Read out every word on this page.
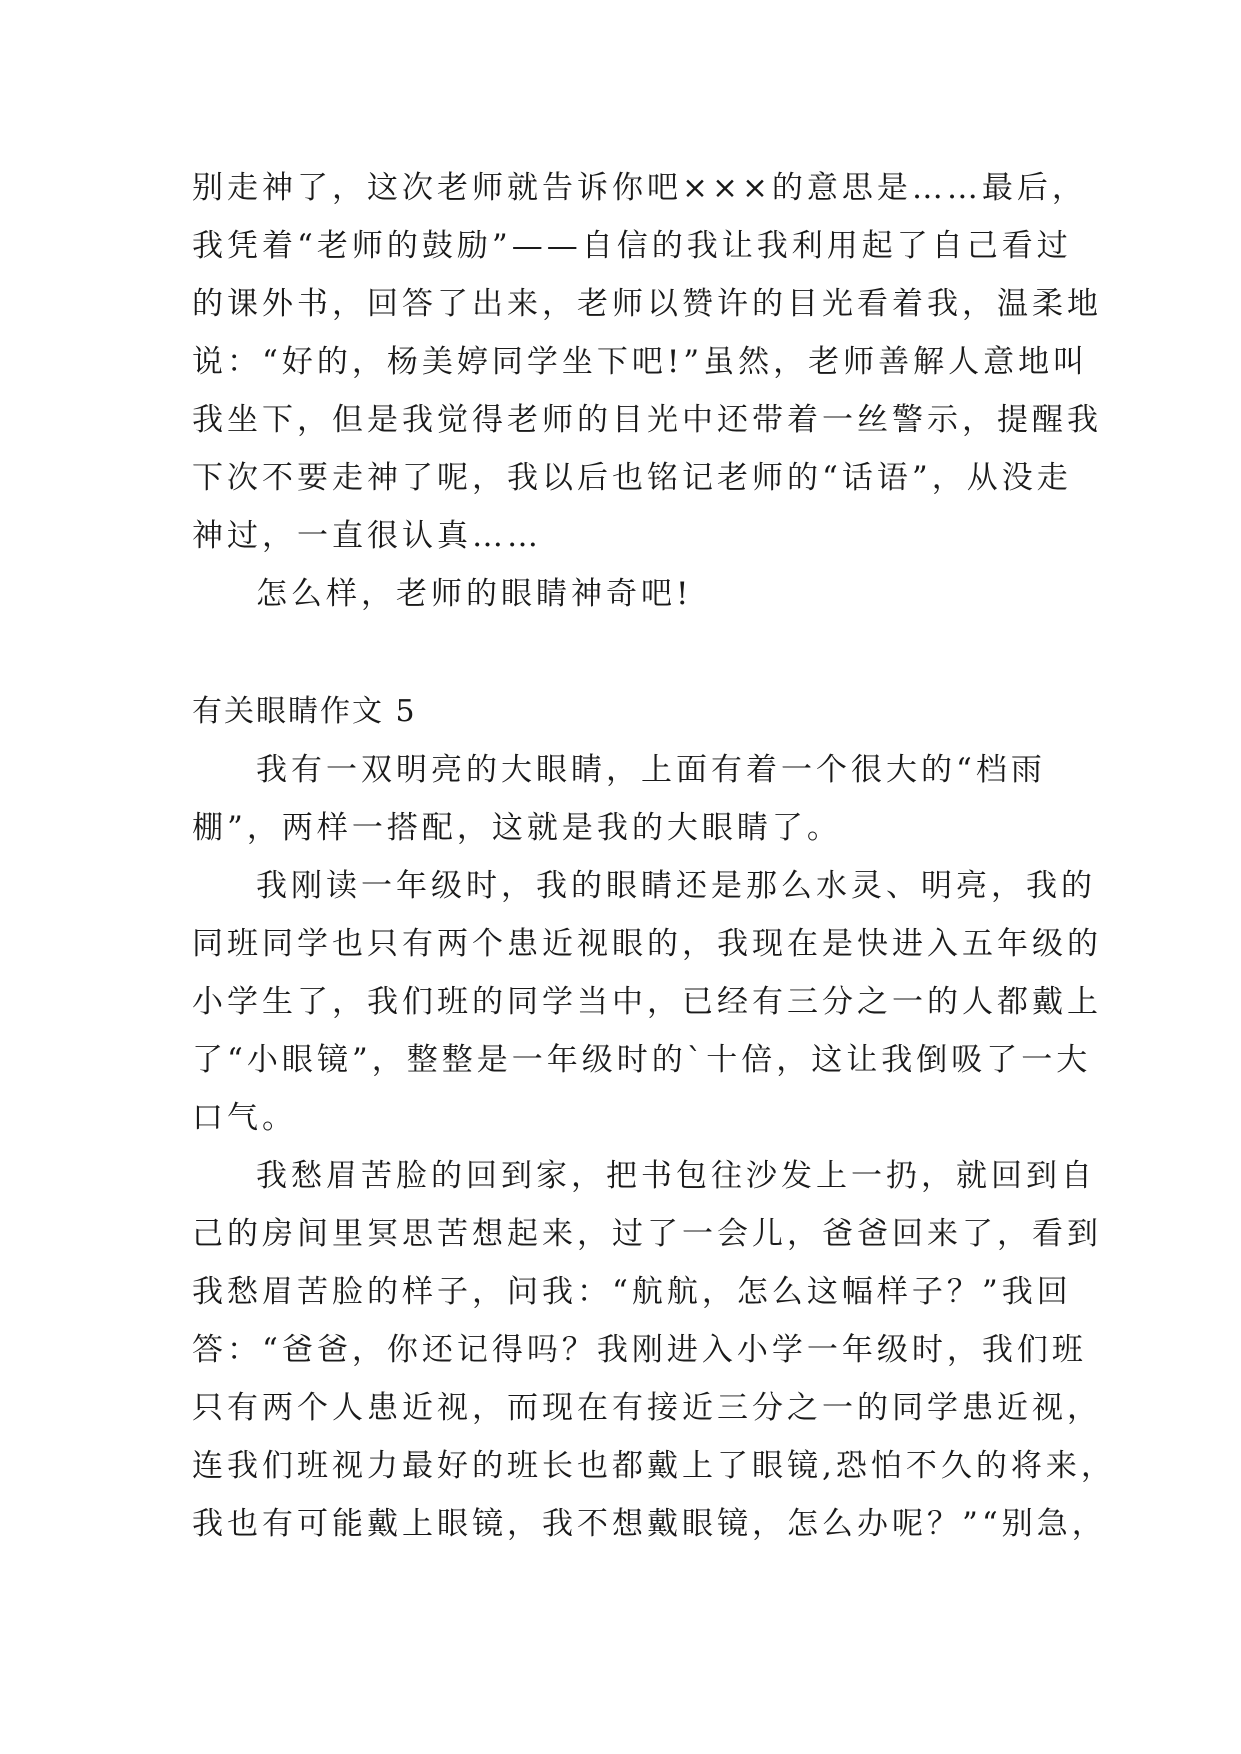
别走神了，这次老师就告诉你吧×××的意思是……最后，
我凭着“老师的鼓励”——自信的我让我利用起了自己看过
的课外书，回答了出来，老师以赞许的目光看着我，温柔地
说：“好的，杨美婷同学坐下吧!”虽然，老师善解人意地叫
我坐下，但是我觉得老师的目光中还带着一丝警示，提醒我
下次不要走神了呢，我以后也铭记老师的“话语”，从没走
神过，一直很认真……
怎么样，老师的眼睛神奇吧!
有关眼睛作文 5
我有一双明亮的大眼睛，上面有着一个很大的“档雨
棚”，两样一搭配，这就是我的大眼睛了。
我刚读一年级时，我的眼睛还是那么水灵、明亮，我的
同班同学也只有两个患近视眼的，我现在是快进入五年级的
小学生了，我们班的同学当中，已经有三分之一的人都戴上
了“小眼镜”，整整是一年级时的`十倍，这让我倒吸了一大
口气。
我愁眉苦脸的回到家，把书包往沙发上一扔，就回到自
己的房间里冥思苦想起来，过了一会儿，爸爸回来了，看到
我愁眉苦脸的样子，问我：“航航，怎么这幅样子？”我回
答：“爸爸，你还记得吗？我刚进入小学一年级时，我们班
只有两个人患近视，而现在有接近三分之一的同学患近视，
连我们班视力最好的班长也都戴上了眼镜,恐怕不久的将来，
我也有可能戴上眼镜，我不想戴眼镜，怎么办呢？”“别急，
